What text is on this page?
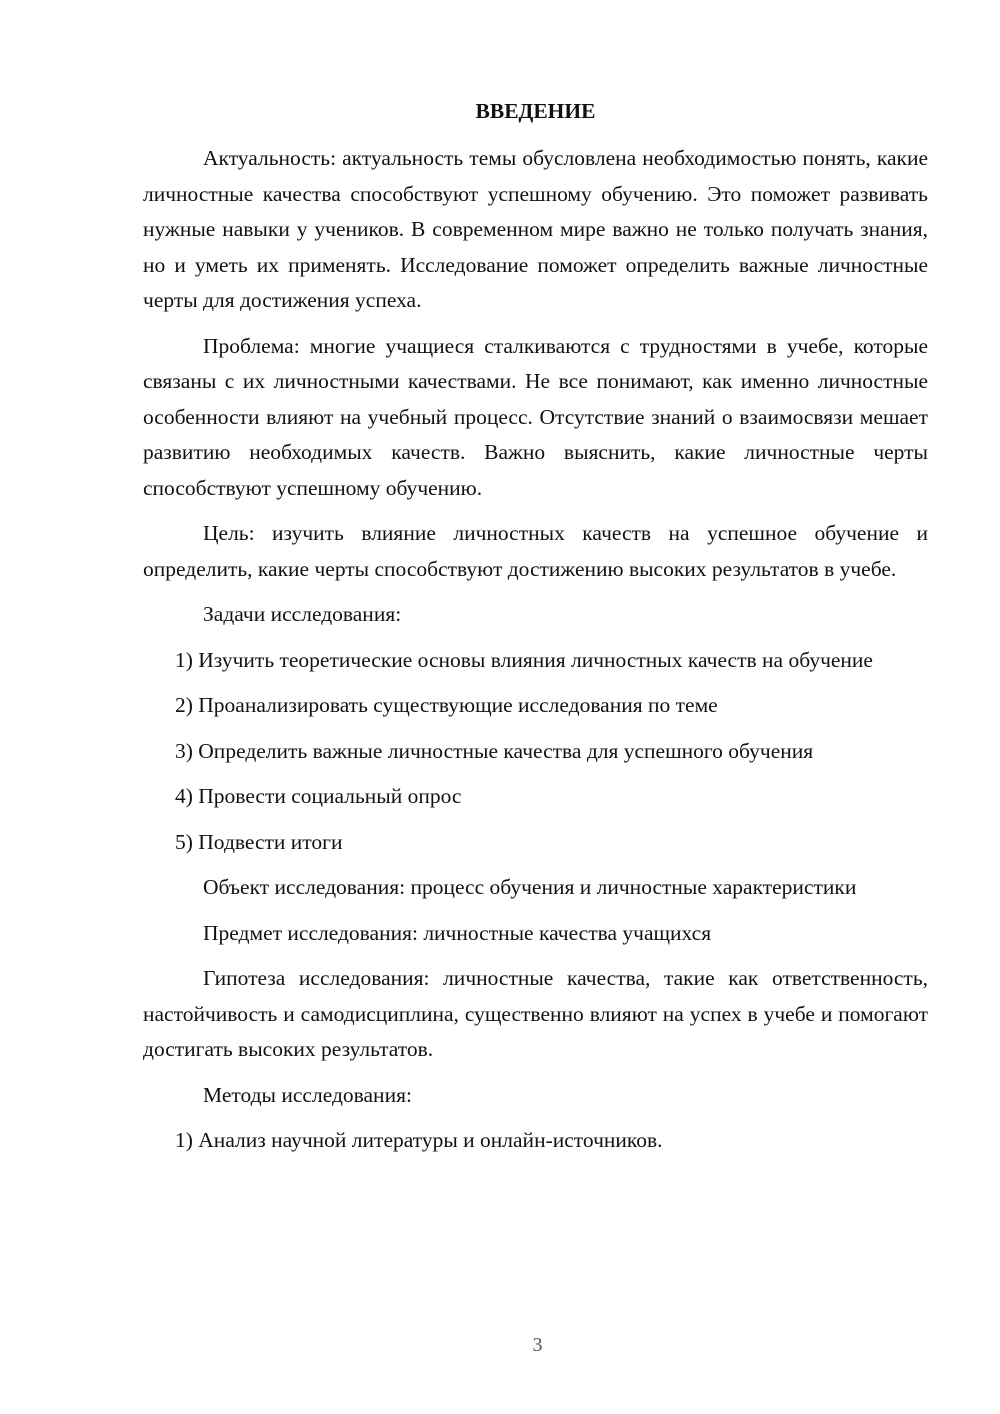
ВВЕДЕНИЕ

Актуальность: актуальность темы обусловлена необходимостью понять, какие личностные качества способствуют успешному обучению. Это поможет развивать нужные навыки у учеников. В современном мире важно не только получать знания, но и уметь их применять. Исследование поможет определить важные личностные черты для достижения успеха.

Проблема: многие учащиеся сталкиваются с трудностями в учебе, которые связаны с их личностными качествами. Не все понимают, как именно личностные особенности влияют на учебный процесс. Отсутствие знаний о взаимосвязи мешает развитию необходимых качеств. Важно выяснить, какие личностные черты способствуют успешному обучению.

Цель: изучить влияние личностных качеств на успешное обучение и определить, какие черты способствуют достижению высоких результатов в учебе.

Задачи исследования:

1) Изучить теоретические основы влияния личностных качеств на обучение

2) Проанализировать существующие исследования по теме

3) Определить важные личностные качества для успешного обучения

4) Провести социальный опрос

5) Подвести итоги

Объект исследования: процесс обучения и личностные характеристики

Предмет исследования: личностные качества учащихся

Гипотеза исследования: личностные качества, такие как ответственность, настойчивость и самодисциплина, существенно влияют на успех в учебе и помогают достигать высоких результатов.

Методы исследования:

1) Анализ научной литературы и онлайн-источников.

3
